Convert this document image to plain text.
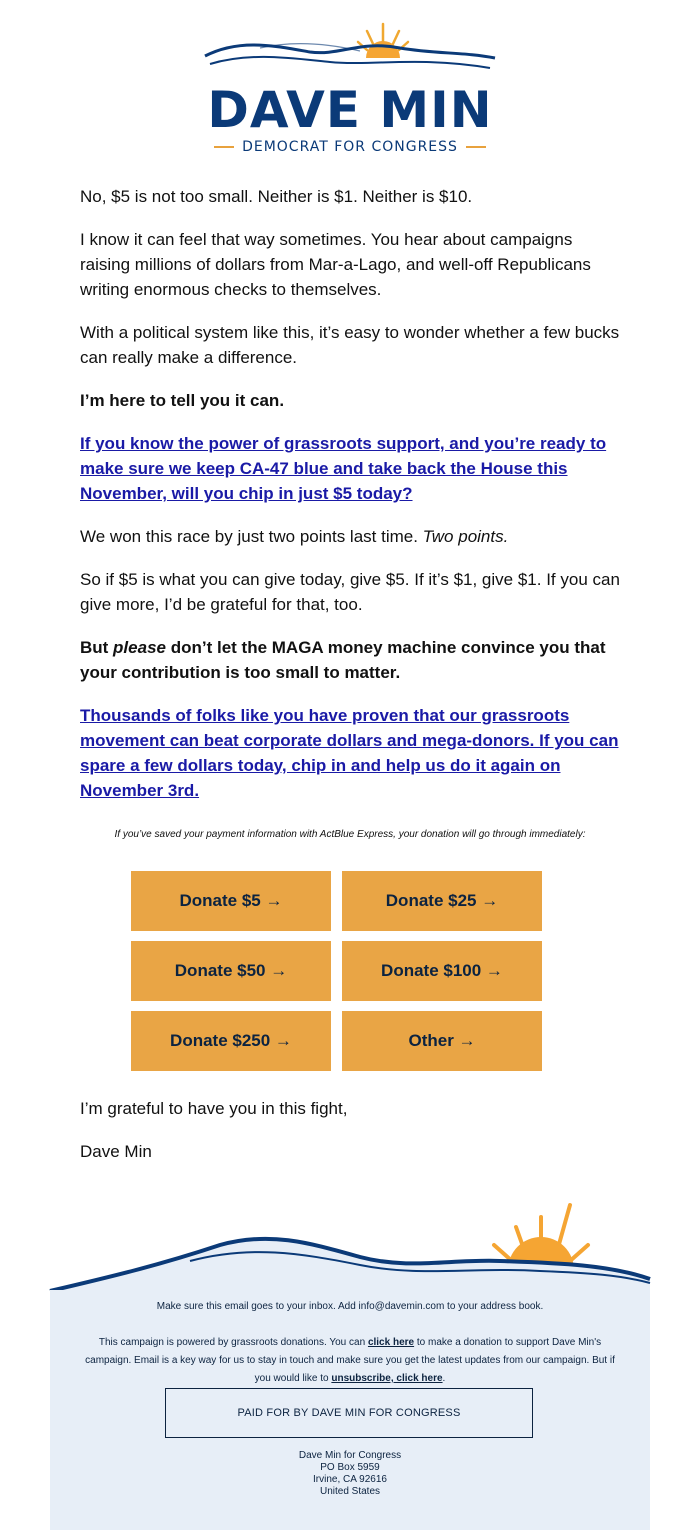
DAVE MIN
DEMOCRAT FOR CONGRESS

No, $5 is not too small. Neither is $1. Neither is $10.

I know it can feel that way sometimes. You hear about campaigns raising millions of dollars from Mar-a-Lago, and well-off Republicans writing enormous checks to themselves.

With a political system like this, it’s easy to wonder whether a few bucks can really make a difference.

I’m here to tell you it can.

If you know the power of grassroots support, and you’re ready to make sure we keep CA-47 blue and take back the House this November, will you chip in just $5 today?

We won this race by just two points last time. Two points.

So if $5 is what you can give today, give $5. If it’s $1, give $1. If you can give more, I’d be grateful for that, too.

But please don’t let the MAGA money machine convince you that your contribution is too small to matter.

Thousands of folks like you have proven that our grassroots movement can beat corporate dollars and mega-donors. If you can spare a few dollars today, chip in and help us do it again on November 3rd.

If you’ve saved your payment information with ActBlue Express, your donation will go through immediately:
Donate $5 →	Donate $25 →
Donate $50 →	Donate $100 →
Donate $250 →	Other →

I’m grateful to have you in this fight,

Dave Min

Make sure this email goes to your inbox. Add info@davemin.com to your address book.
This campaign is powered by grassroots donations. You can click here to make a donation to support Dave Min's campaign. Email is a key way for us to stay in touch and make sure you get the latest updates from our campaign. But if you would like to unsubscribe, click here.
PAID FOR BY DAVE MIN FOR CONGRESS
Dave Min for Congress
PO Box 5959
Irvine, CA 92616
United States
